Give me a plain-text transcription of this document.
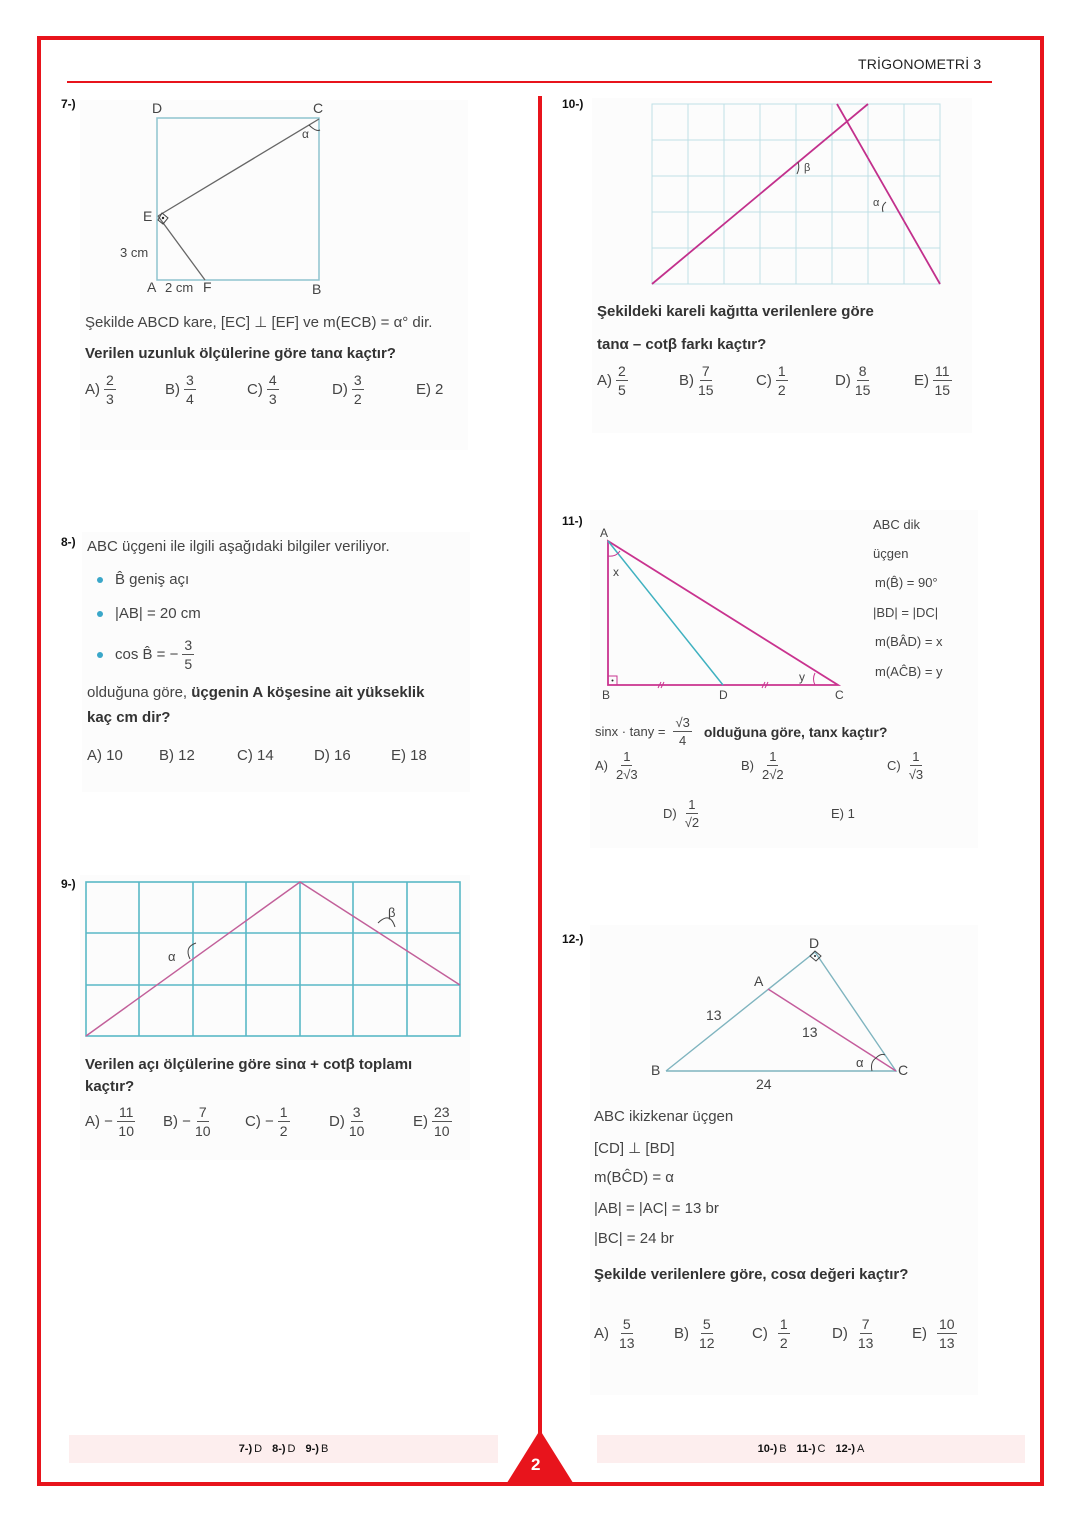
TRİGONOMETRİ 3
7-)	D	C
α
E
3 cm
A 2 cm F	B
Şekilde ABCD kare, [EC] ⊥ [EF] ve m(ECB) = α° dir.
Verilen uzunluk ölçülerine göre tanα kaçtır?
$A) \frac{2}{3}$	$B) \frac{3}{4}$	$C) \frac{4}{3}$	$D) \frac{3}{2}$	E) 2
8-) ABC üçgeni ile ilgili aşağıdaki bilgiler veriliyor.
B̂ geniş açı
|AB| = 20 cm
cos B̂ = − $\frac{3}{5}$
olduğuna göre, üçgenin A köşesine ait yükseklik
kaç cm dir?
A) 10	B) 12	C) 14	D) 16	E) 18
9-)
α
β
Verilen açı ölçülerine göre sinα + cotβ toplamı
kaçtır?
$A) - \frac{11}{10} B) - \frac{7}{10} C) - \frac{1}{2}$	$D) \frac{3}{10}$	$E) \frac{23}{10}$
10-)
β
α
Şekildeki kareli kağıtta verilenlere göre
tanα – cotβ farkı kaçtır?
$A) \frac{2}{5}$	$B) \frac{7}{15}$	$C) \frac{1}{2}$	$D) \frac{8}{15}$	$E) \frac{11}{15}$
11-)
A
x
B	D	C
y
ABC dik
üçgen
m(B̂) = 90°
|BD| = |DC|
m(BÂD) = x
m(AĈB) = y
$\sin x \cdot \tan y = \frac{√3}{4}$ olduğuna göre, tanx kaçtır?
$A) \frac{1}{2√3}$	$B) \frac{1}{2√2}$	$C) \frac{1}{√3}$
$D) \frac{1}{√2}$	E) 1
12-)	D
A
13
13
B
24
α C
ABC ikizkenar üçgen
[CD] ⊥ [BD]
m(BĈD) = α
|AB| = |AC| = 13 br
|BC| = 24 br
Şekilde verilenlere göre, cosα değeri kaçtır?
$A) \frac{5}{13}$	$B) \frac{5}{12} C) \frac{1}{2}$	$D) \frac{7}{13}$	$E) \frac{10}{13}$
7-) D 8-) D 9-) B	10-) B 11-) C 12-) A
2
